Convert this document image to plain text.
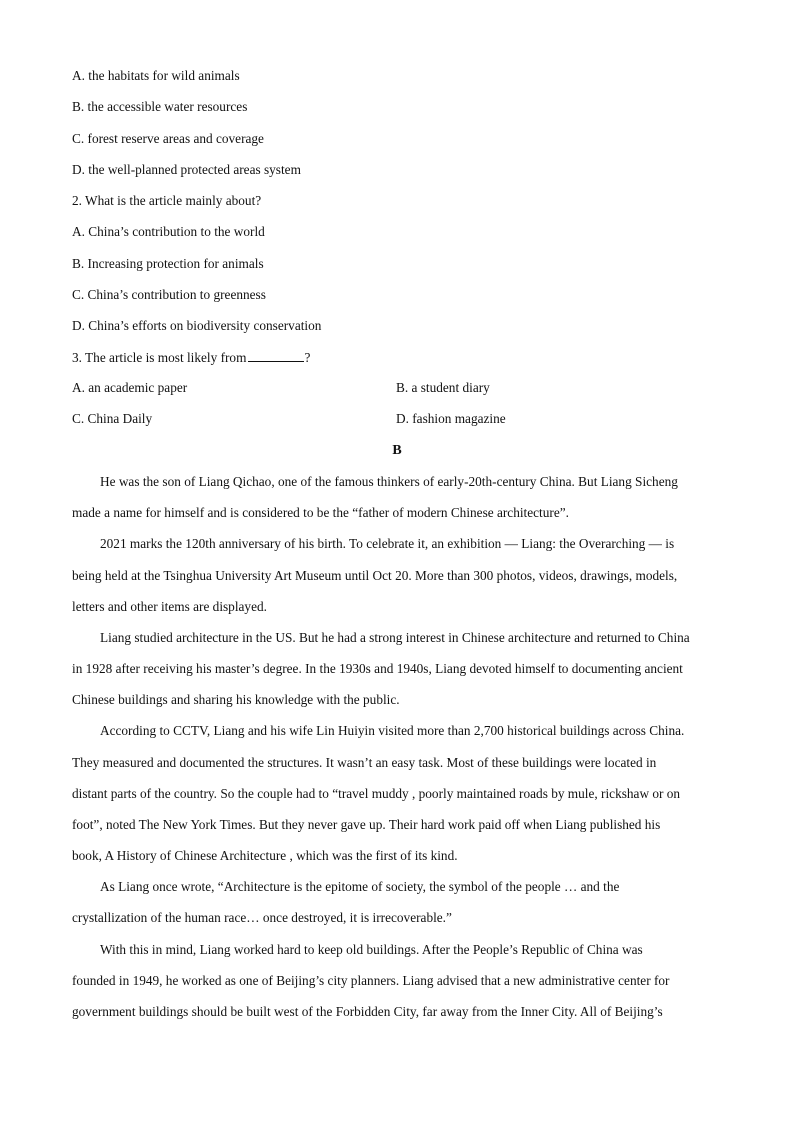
A. the habitats for wild animals
B. the accessible water resources
C. forest reserve areas and coverage
D. the well-planned protected areas system
2. What is the article mainly about?
A. China’s contribution to the world
B. Increasing protection for animals
C. China’s contribution to greenness
D. China’s efforts on biodiversity conservation
3. The article is most likely from	?
A. an academic paper	B. a student diary
C. China Daily	D. fashion magazine
B
He was the son of Liang Qichao, one of the famous thinkers of early-20th-century China. But Liang Sicheng
made a name for himself and is considered to be the “father of modern Chinese architecture”.
2021 marks the 120th anniversary of his birth. To celebrate it, an exhibition — Liang: the Overarching — is
being held at the Tsinghua University Art Museum until Oct 20. More than 300 photos, videos, drawings, models,
letters and other items are displayed.
Liang studied architecture in the US. But he had a strong interest in Chinese architecture and returned to China
in 1928 after receiving his master’s degree. In the 1930s and 1940s, Liang devoted himself to documenting ancient
Chinese buildings and sharing his knowledge with the public.
According to CCTV, Liang and his wife Lin Huiyin visited more than 2,700 historical buildings across China.
They measured and documented the structures. It wasn’t an easy task. Most of these buildings were located in
distant parts of the country. So the couple had to “travel muddy , poorly maintained roads by mule, rickshaw or on
foot”, noted The New York Times. But they never gave up. Their hard work paid off when Liang published his
book, A History of Chinese Architecture , which was the first of its kind.
As Liang once wrote, “Architecture is the epitome of society, the symbol of the people … and the
crystallization of the human race… once destroyed, it is irrecoverable.”
With this in mind, Liang worked hard to keep old buildings. After the People’s Republic of China was
founded in 1949, he worked as one of Beijing’s city planners. Liang advised that a new administrative center for
government buildings should be built west of the Forbidden City, far away from the Inner City. All of Beijing’s
